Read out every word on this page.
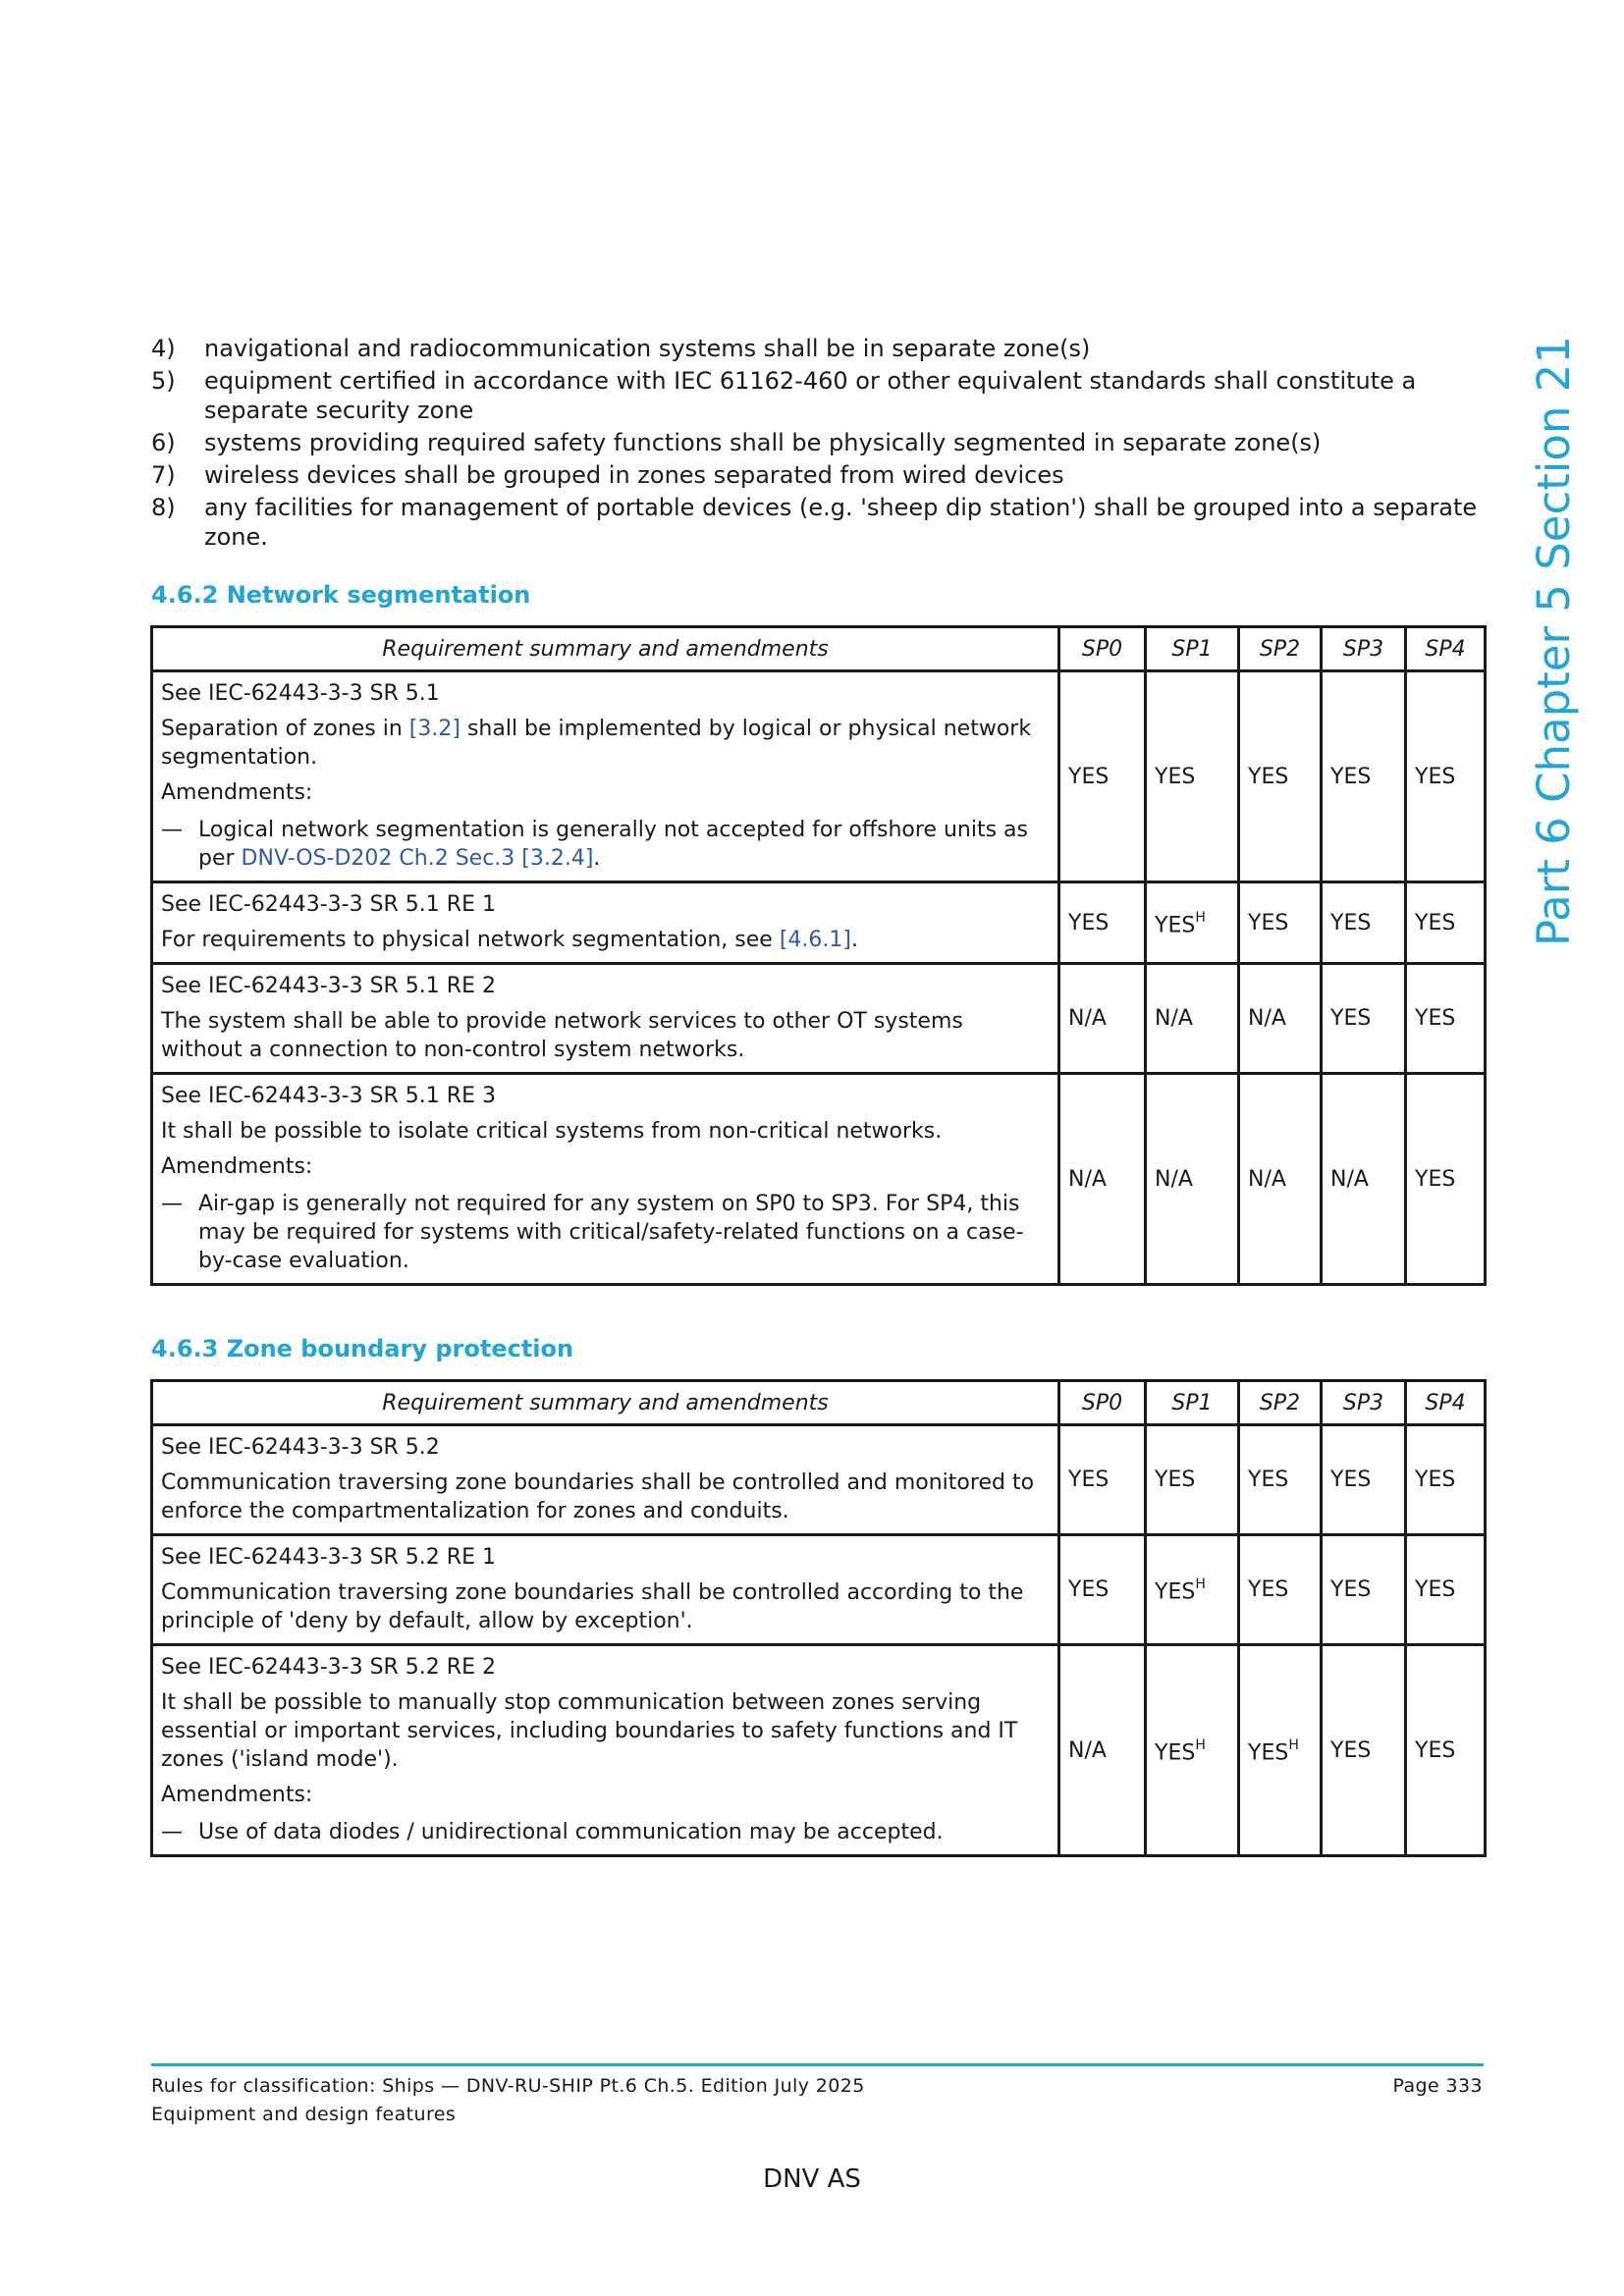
4)	navigational and radiocommunication systems shall be in separate zone(s)
5)	equipment certified in accordance with IEC 61162-460 or other equivalent standards shall constitute a separate security zone
6)	systems providing required safety functions shall be physically segmented in separate zone(s)
7)	wireless devices shall be grouped in zones separated from wired devices
8)	any facilities for management of portable devices (e.g. 'sheep dip station') shall be grouped into a separate zone.
4.6.2 Network segmentation
Requirement summary and amendments	SP0	SP1	SP2	SP3	SP4

See IEC-62443-3-3 SR 5.1
Separation of zones in [3.2] shall be implemented by logical or physical network segmentation.
Amendments:
— Logical network segmentation is generally not accepted for offshore units as per DNV-OS-D202 Ch.2 Sec.3 [3.2.4].	YES	YES	YES	YES	YES

See IEC-62443-3-3 SR 5.1 RE 1
For requirements to physical network segmentation, see [4.6.1].	YES	$YES^H$	YES	YES	YES

See IEC-62443-3-3 SR 5.1 RE 2
The system shall be able to provide network services to other OT systems without a connection to non-control system networks.	N/A	N/A	N/A	YES	YES

See IEC-62443-3-3 SR 5.1 RE 3
It shall be possible to isolate critical systems from non-critical networks.
Amendments:
— Air-gap is generally not required for any system on SP0 to SP3. For SP4, this may be required for systems with critical/safety-related functions on a case-by-case evaluation.	N/A	N/A	N/A	N/A	YES
4.6.3 Zone boundary protection
Requirement summary and amendments	SP0	SP1	SP2	SP3	SP4

See IEC-62443-3-3 SR 5.2
Communication traversing zone boundaries shall be controlled and monitored to enforce the compartmentalization for zones and conduits.	YES	YES	YES	YES	YES

See IEC-62443-3-3 SR 5.2 RE 1
Communication traversing zone boundaries shall be controlled according to the principle of 'deny by default, allow by exception'.	YES	$YES^H$	YES	YES	YES

See IEC-62443-3-3 SR 5.2 RE 2
It shall be possible to manually stop communication between zones serving essential or important services, including boundaries to safety functions and IT zones ('island mode').
Amendments:
— Use of data diodes / unidirectional communication may be accepted.	N/A	$YES^H$	$YES^H$	YES	YES
Part 6 Chapter 5 Section 21
Rules for classification: Ships — DNV-RU-SHIP Pt.6 Ch.5. Edition July 2025
Equipment and design features
Page 333
DNV AS
